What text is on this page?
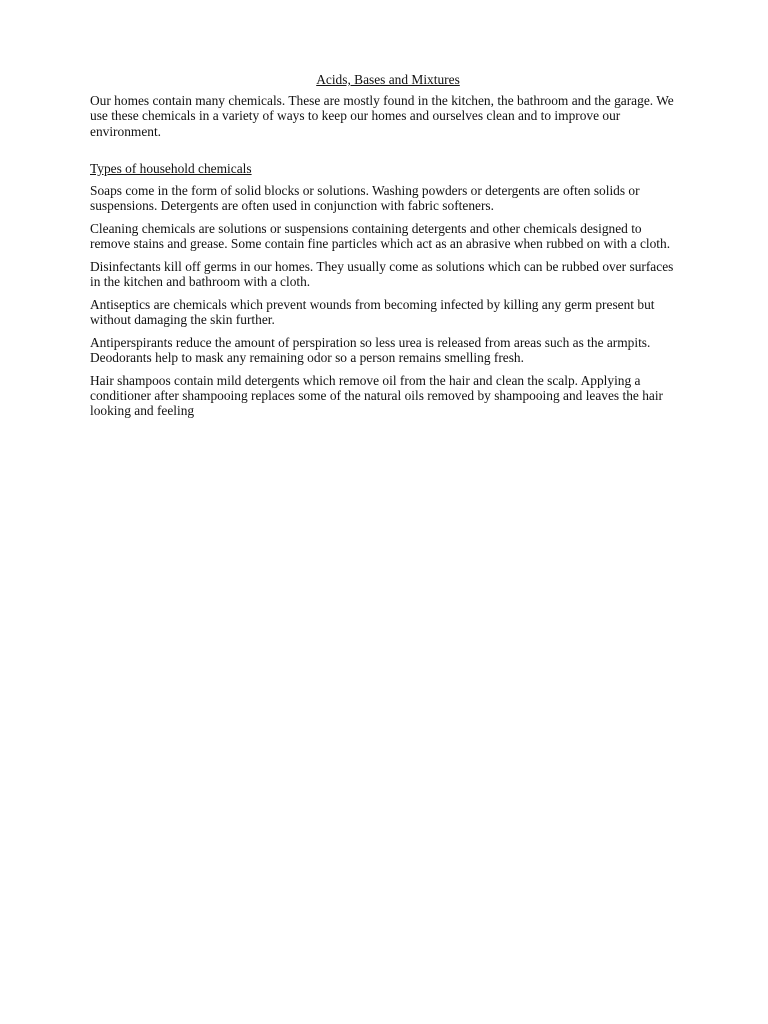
Acids, Bases and Mixtures

Our homes contain many chemicals. These are mostly found in the kitchen, the bathroom and the garage. We use these chemicals in a variety of ways to keep our homes and ourselves clean and to improve our environment.

Types of household chemicals

Soaps come in the form of solid blocks or solutions. Washing powders or detergents are often solids or suspensions. Detergents are often used in conjunction with fabric softeners.

Cleaning chemicals are solutions or suspensions containing detergents and other chemicals designed to remove stains and grease. Some contain fine particles which act as an abrasive when rubbed on with a cloth.

Disinfectants kill off germs in our homes. They usually come as solutions which can be rubbed over surfaces in the kitchen and bathroom with a cloth.

Antiseptics are chemicals which prevent wounds from becoming infected by killing any germ present but without damaging the skin further.

Antiperspirants reduce the amount of perspiration so less urea is released from areas such as the armpits. Deodorants help to mask any remaining odor so a person remains smelling fresh.

Hair shampoos contain mild detergents which remove oil from the hair and clean the scalp. Applying a conditioner after shampooing replaces some of the natural oils removed by shampooing and leaves the hair looking and feeling
